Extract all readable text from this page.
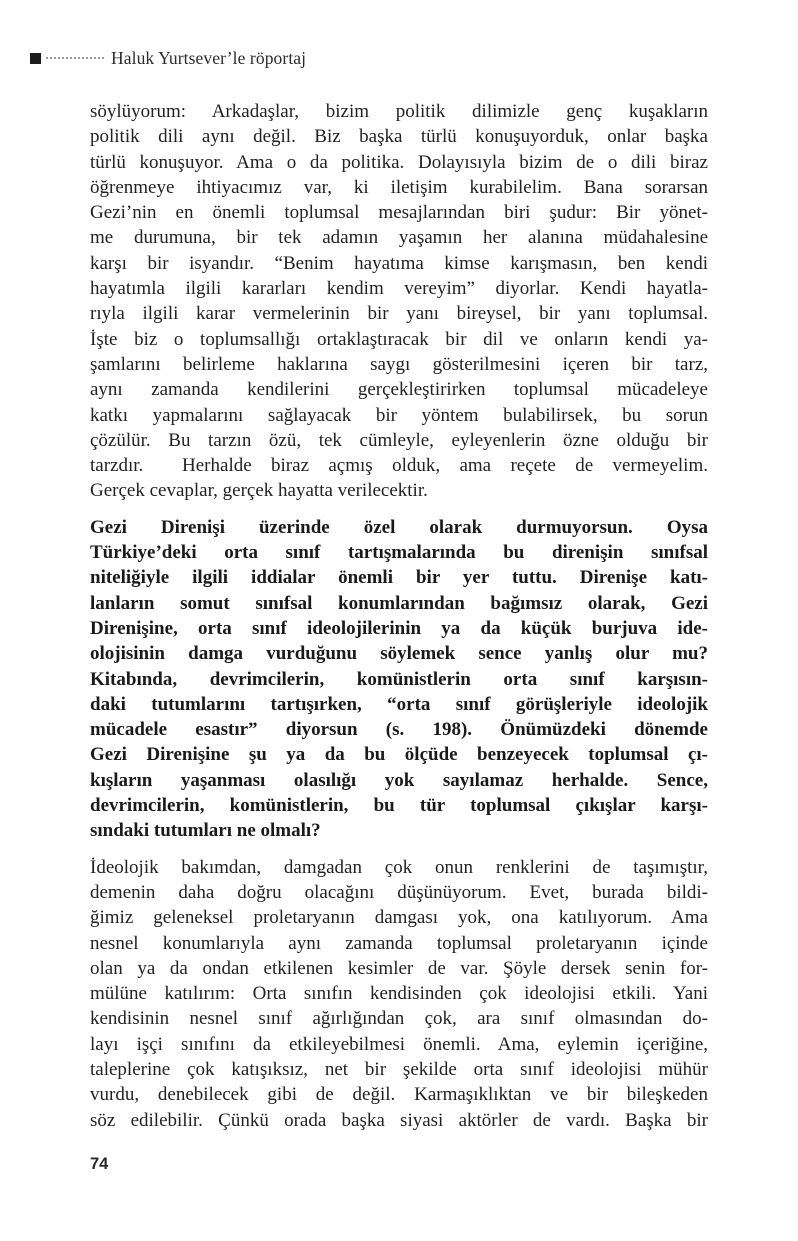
Haluk Yurtsever’le röportaj
söylüyorum: Arkadaşlar, bizim politik dilimizle genç kuşakların
politik dili aynı değil. Biz başka türlü konuşuyorduk, onlar başka
türlü konuşuyor. Ama o da politika. Dolayısıyla bizim de o dili biraz
öğrenmeye ihtiyacımız var, ki iletişim kurabilelim. Bana sorarsan
Gezi’nin en önemli toplumsal mesajlarından biri şudur: Bir yönet-
me durumuna, bir tek adamın yaşamın her alanına müdahalesine
karşı bir isyandır. “Benim hayatıma kimse karışmasın, ben kendi
hayatımla ilgili kararları kendim vereyim” diyorlar. Kendi hayatla-
rıyla ilgili karar vermelerinin bir yanı bireysel, bir yanı toplumsal.
İşte biz o toplumsallığı ortaklaştıracak bir dil ve onların kendi ya-
şamlarını belirleme haklarına saygı gösterilmesini içeren bir tarz,
aynı zamanda kendilerini gerçekleştirirken toplumsal mücadeleye
katkı yapmalarını sağlayacak bir yöntem bulabilirsek, bu sorun
çözülür. Bu tarzın özü, tek cümleyle, eyleyenlerin özne olduğu bir
tarzdır.  Herhalde biraz açmış olduk, ama reçete de vermeyelim.
Gerçek cevaplar, gerçek hayatta verilecektir.
Gezi Direnişi üzerinde özel olarak durmuyorsun. Oysa
Türkiye’deki orta sınıf tartışmalarında bu direnişin sınıfsal
niteliğiyle ilgili iddialar önemli bir yer tuttu. Direnişe katı-
lanların somut sınıfsal konumlarından bağımsız olarak, Gezi
Direnişine, orta sınıf ideolojilerinin ya da küçük burjuva ide-
olojisinin damga vurduğunu söylemek sence yanlış olur mu?
Kitabında, devrimcilerin, komünistlerin orta sınıf karşısın-
daki tutumlarını tartışırken, “orta sınıf görüşleriyle ideolojik
mücadele esastır” diyorsun (s. 198). Önümüzdeki dönemde
Gezi Direnişine şu ya da bu ölçüde benzeyecek toplumsal çı-
kışların yaşanması olasılığı yok sayılamaz herhalde. Sence,
devrimcilerin, komünistlerin, bu tür toplumsal çıkışlar karşı-
sındaki tutumları ne olmalı?
İdeolojik bakımdan, damgadan çok onun renklerini de taşımıştır,
demenin daha doğru olacağını düşünüyorum. Evet, burada bildi-
ğimiz geleneksel proletaryanın damgası yok, ona katılıyorum. Ama
nesnel konumlarıyla aynı zamanda toplumsal proletaryanın içinde
olan ya da ondan etkilenen kesimler de var. Şöyle dersek senin for-
mülüne katılırım: Orta sınıfın kendisinden çok ideolojisi etkili. Yani
kendisinin nesnel sınıf ağırlığından çok, ara sınıf olmasından do-
layı işçi sınıfını da etkileyebilmesi önemli. Ama, eylemin içeriğine,
taleplerine çok katışıksız, net bir şekilde orta sınıf ideolojisi mühür
vurdu, denebilecek gibi de değil. Karmaşıklıktan ve bir bileşkeden
söz edilebilir. Çünkü orada başka siyasi aktörler de vardı. Başka bir
74
